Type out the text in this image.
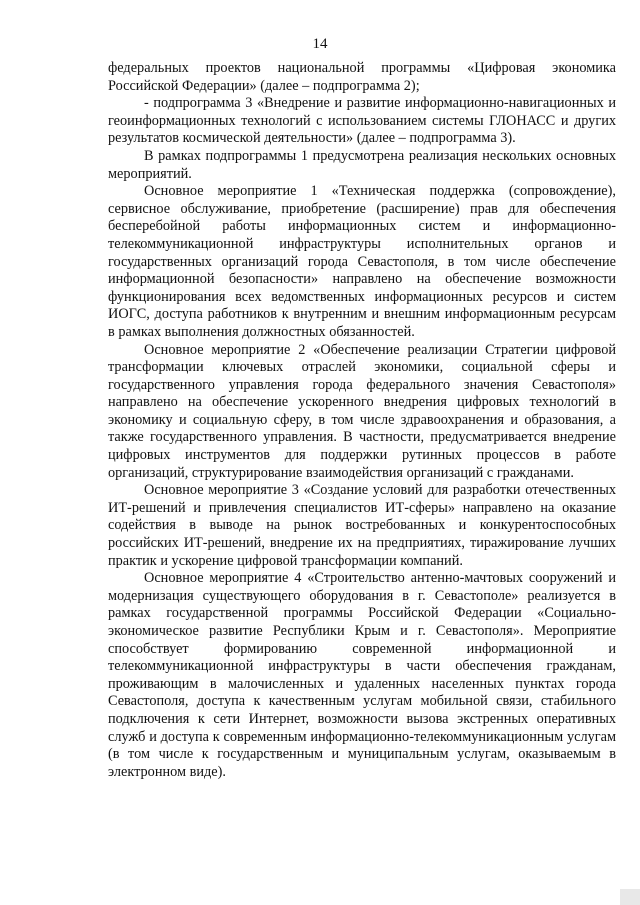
14

федеральных проектов национальной программы «Цифровая экономика Российской Федерации» (далее – подпрограмма 2);

- подпрограмма 3 «Внедрение и развитие информационно-навигационных и геоинформационных технологий с использованием системы ГЛОНАСС и других результатов космической деятельности» (далее – подпрограмма 3).

В рамках подпрограммы 1 предусмотрена реализация нескольких основных мероприятий.

Основное мероприятие 1 «Техническая поддержка (сопровождение), сервисное обслуживание, приобретение (расширение) прав для обеспечения бесперебойной работы информационных систем и информационно-телекоммуникационной инфраструктуры исполнительных органов и государственных организаций города Севастополя, в том числе обеспечение информационной безопасности» направлено на обеспечение возможности функционирования всех ведомственных информационных ресурсов и систем ИОГС, доступа работников к внутренним и внешним информационным ресурсам в рамках выполнения должностных обязанностей.

Основное мероприятие 2 «Обеспечение реализации Стратегии цифровой трансформации ключевых отраслей экономики, социальной сферы и государственного управления города федерального значения Севастополя» направлено на обеспечение ускоренного внедрения цифровых технологий в экономику и социальную сферу, в том числе здравоохранения и образования, а также государственного управления. В частности, предусматривается внедрение цифровых инструментов для поддержки рутинных процессов в работе организаций, структурирование взаимодействия организаций с гражданами.

Основное мероприятие 3 «Создание условий для разработки отечественных ИТ-решений и привлечения специалистов ИТ-сферы» направлено на оказание содействия в выводе на рынок востребованных и конкурентоспособных российских ИТ-решений, внедрение их на предприятиях, тиражирование лучших практик и ускорение цифровой трансформации компаний.

Основное мероприятие 4 «Строительство антенно-мачтовых сооружений и модернизация существующего оборудования в г. Севастополе» реализуется в рамках государственной программы Российской Федерации «Социально-экономическое развитие Республики Крым и г. Севастополя». Мероприятие способствует формированию современной информационной и телекоммуникационной инфраструктуры в части обеспечения гражданам, проживающим в малочисленных и удаленных населенных пунктах города Севастополя, доступа к качественным услугам мобильной связи, стабильного подключения к сети Интернет, возможности вызова экстренных оперативных служб и доступа к современным информационно-телекоммуникационным услугам (в том числе к государственным и муниципальным услугам, оказываемым в электронном виде).
